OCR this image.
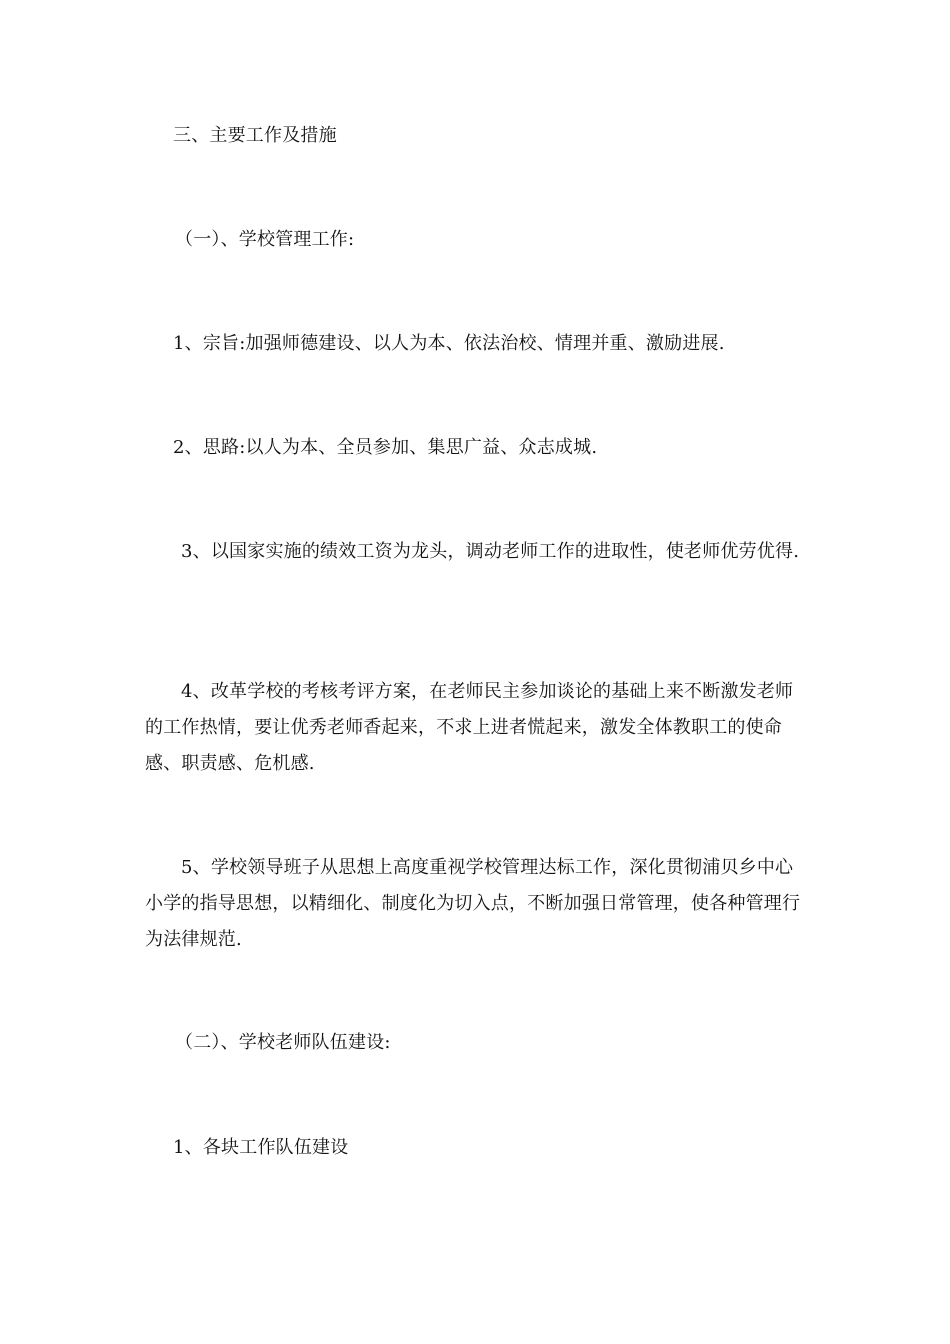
三、主要工作及措施

（一）、学校管理工作:

1、宗旨:加强师德建设、以人为本、依法治校、情理并重、激励进展.

2、思路:以人为本、全员参加、集思广益、众志成城.

3、以国家实施的绩效工资为龙头，调动老师工作的进取性，使老师优劳优得.

4、改革学校的考核考评方案，在老师民主参加谈论的基础上来不断激发老师的工作热情，要让优秀老师香起来，不求上进者慌起来，激发全体教职工的使命感、职责感、危机感.

5、学校领导班子从思想上高度重视学校管理达标工作，深化贯彻浦贝乡中心小学的指导思想，以精细化、制度化为切入点，不断加强日常管理，使各种管理行为法律规范.

（二）、学校老师队伍建设:

1、各块工作队伍建设
